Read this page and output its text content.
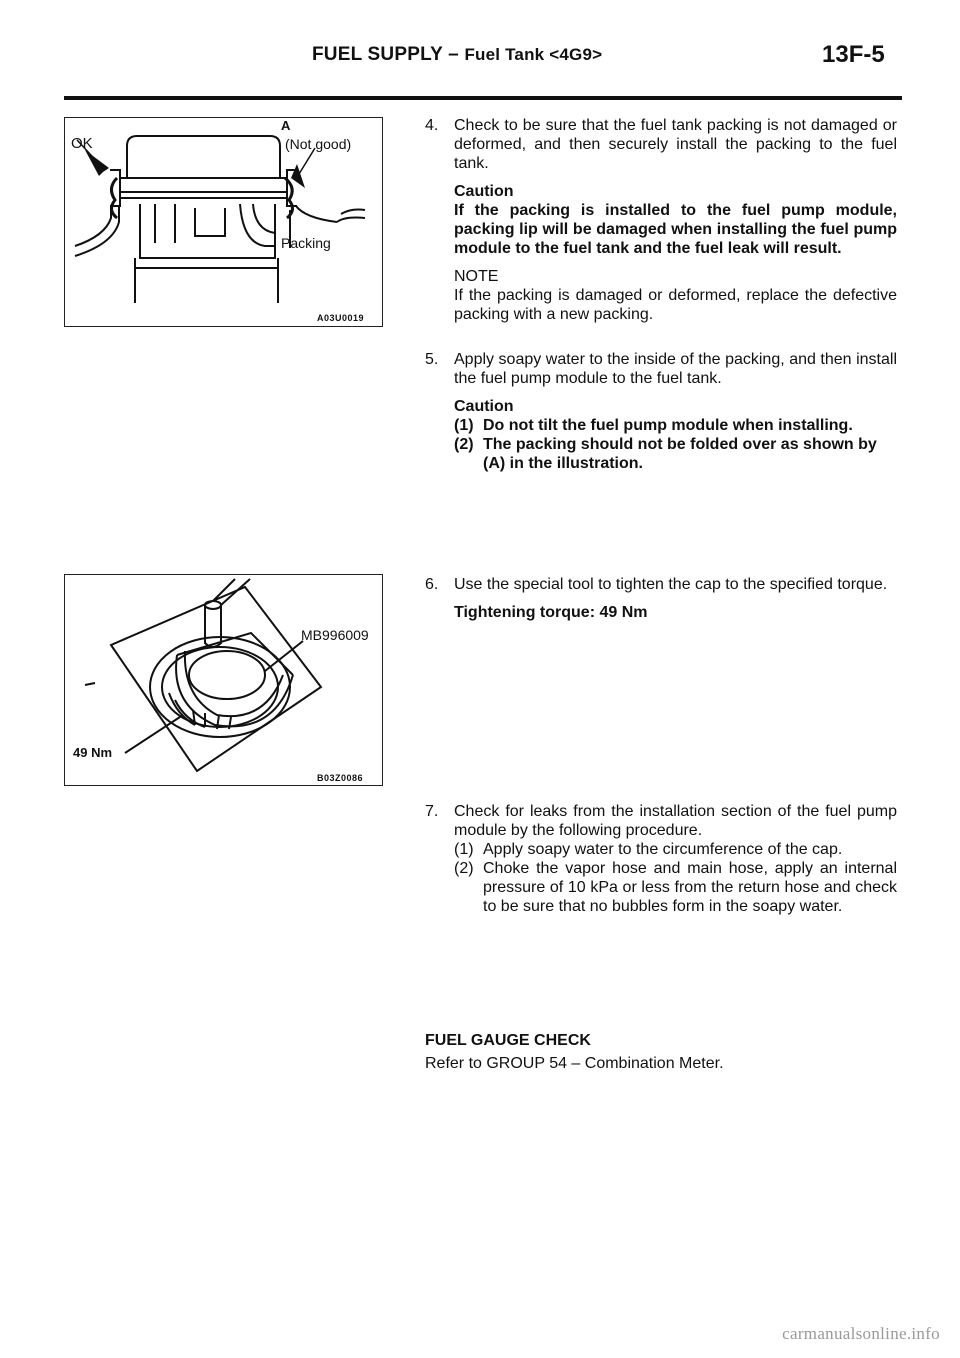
FUEL SUPPLY – Fuel Tank <4G9>	13F-5
A
OK	(Not good)
Packing
A03U0019
MB996009
49 Nm
B03Z0086
4. Check to be sure that the fuel tank packing is not damaged or deformed, and then securely install the packing to the fuel tank.

Caution

If the packing is installed to the fuel pump module, packing lip will be damaged when installing the fuel pump module to the fuel tank and the fuel leak will result.

NOTE

If the packing is damaged or deformed, replace the defective packing with a new packing.

5. Apply soapy water to the inside of the packing, and then install the fuel pump module to the fuel tank.

Caution

(1) Do not tilt the fuel pump module when installing.
(2) The packing should not be folded over as shown by (A) in the illustration.
6. Use the special tool to tighten the cap to the specified torque.

Tightening torque: 49 Nm

7. Check for leaks from the installation section of the fuel pump module by the following procedure.

(1) Apply soapy water to the circumference of the cap.
(2) Choke the vapor hose and main hose, apply an internal pressure of 10 kPa or less from the return hose and check to be sure that no bubbles form in the soapy water.

FUEL GAUGE CHECK

Refer to GROUP 54 – Combination Meter.

carmanualsonline.info
